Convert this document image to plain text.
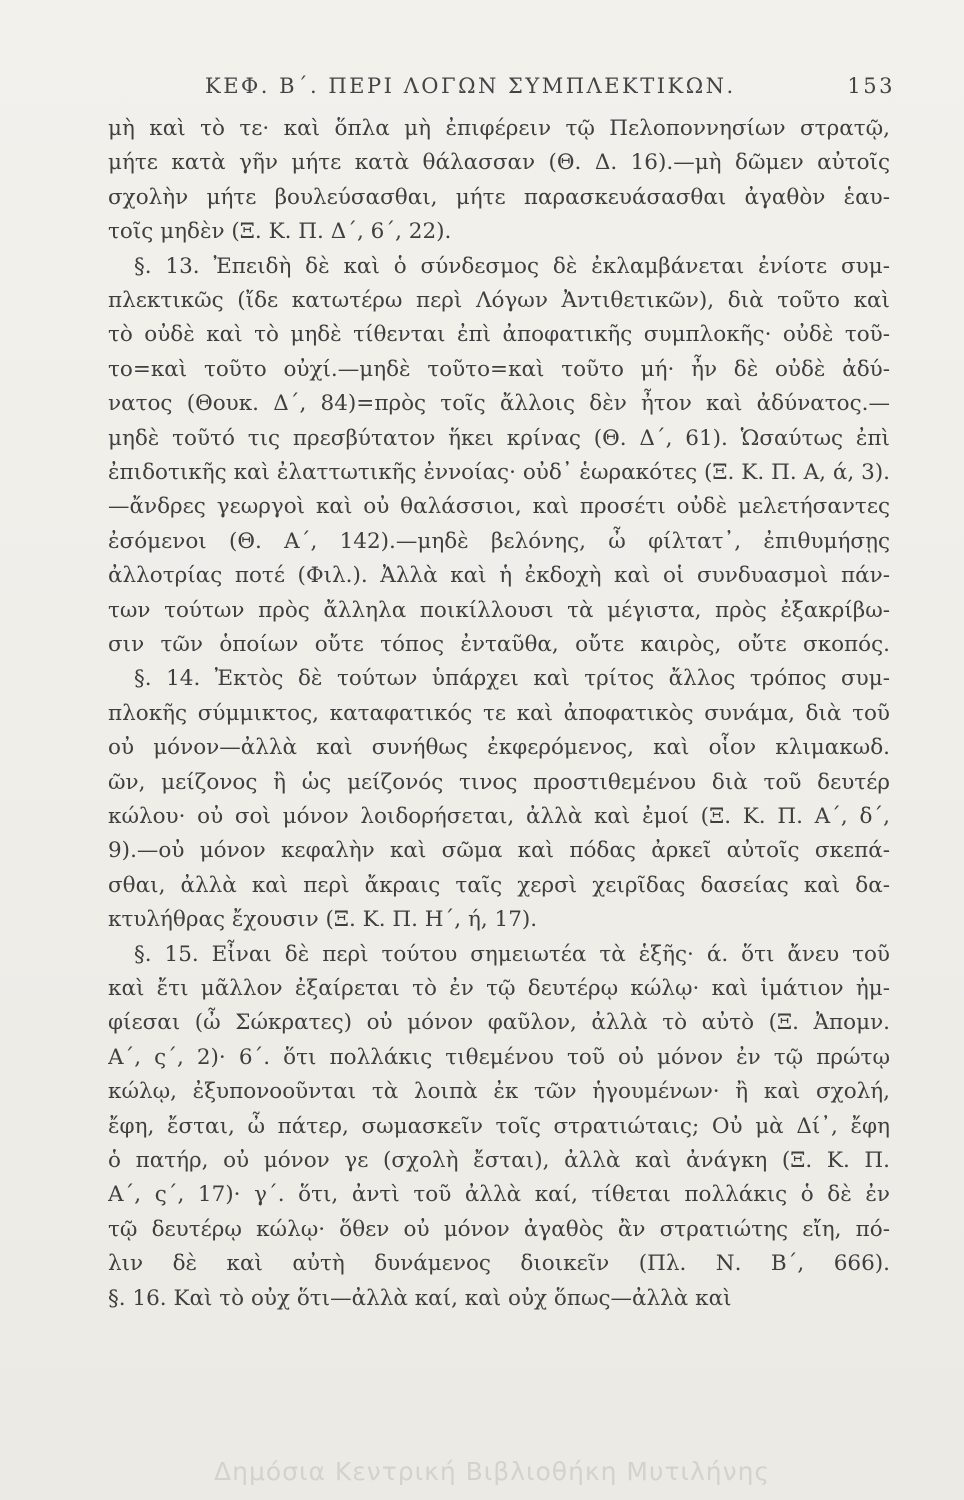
ΚΕΦ. Β΄. ΠΕΡΙ ΛΟΓΩΝ ΣΥΜΠΛΕΚΤΙΚΩΝ.	153
μὴ καὶ τὸ τε· καὶ ὅπλα μὴ ἐπιφέρειν τῷ Πελοποννησίων στρατῷ,
μήτε κατὰ γῆν μήτε κατὰ θάλασσαν (Θ. Δ. 16).—μὴ δῶμεν αὐτοῖς
σχολὴν μήτε βουλεύσασθαι, μήτε παρασκευάσασθαι ἀγαθὸν ἑαυ-
τοῖς μηδὲν (Ξ. Κ. Π. Δ΄, 6΄, 22).
§. 13. Ἐπειδὴ δὲ καὶ ὁ σύνδεσμος δὲ ἐκλαμβάνεται ἐνίοτε συμ-
πλεκτικῶς (ἴδε κατωτέρω περὶ Λόγων Ἀντιθετικῶν), διὰ τοῦτο καὶ
τὸ οὐδὲ καὶ τὸ μηδὲ τίθενται ἐπὶ ἀποφατικῆς συμπλοκῆς· οὐδὲ τοῦ-
το=καὶ τοῦτο οὐχί.—μηδὲ τοῦτο=καὶ τοῦτο μή· ἦν δὲ οὐδὲ ἀδύ-
νατος (Θουκ. Δ΄, 84)=πρὸς τοῖς ἄλλοις δὲν ἦτον καὶ ἀδύνατος.—
μηδὲ τοῦτό τις πρεσβύτατον ἥκει κρίνας (Θ. Δ΄, 61). Ὡσαύτως ἐπὶ
ἐπιδοτικῆς καὶ ἐλαττωτικῆς ἐννοίας· οὐδ᾽ ἑωρακότες (Ξ. Κ. Π. Α, ά, 3).
—ἄνδρες γεωργοὶ καὶ οὐ θαλάσσιοι, καὶ προσέτι οὐδὲ μελετήσαντες
ἐσόμενοι (Θ. Α΄, 142).—μηδὲ βελόνης, ὦ φίλτατ᾽, ἐπιθυμήσῃς
ἀλλοτρίας ποτέ (Φιλ.). Ἀλλὰ καὶ ἡ ἐκδοχὴ καὶ οἱ συνδυασμοὶ πάν-
των τούτων πρὸς ἄλληλα ποικίλλουσι τὰ μέγιστα, πρὸς ἐξακρίβω-
σιν τῶν ὁποίων οὔτε τόπος ἐνταῦθα, οὔτε καιρὸς, οὔτε σκοπός.
§. 14. Ἐκτὸς δὲ τούτων ὑπάρχει καὶ τρίτος ἄλλος τρόπος συμ-
πλοκῆς σύμμικτος, καταφατικός τε καὶ ἀποφατικὸς συνάμα, διὰ τοῦ
οὐ μόνον—ἀλλὰ καὶ συνήθως ἐκφερόμενος, καὶ οἷον κλιμακωδ.
ῶν, μείζονος ἢ ὡς μείζονός τινος προστιθεμένου διὰ τοῦ δευτέρ
κώλου· οὐ σοὶ μόνον λοιδορήσεται, ἀλλὰ καὶ ἐμοί (Ξ. Κ. Π. Α΄, δ΄,
9).—οὐ μόνον κεφαλὴν καὶ σῶμα καὶ πόδας ἀρκεῖ αὐτοῖς σκεπά-
σθαι, ἀλλὰ καὶ περὶ ἄκραις ταῖς χερσὶ χειρῖδας δασείας καὶ δα-
κτυλήθρας ἔχουσιν (Ξ. Κ. Π. Η΄, ή, 17).
§. 15. Εἶναι δὲ περὶ τούτου σημειωτέα τὰ ἑξῆς· ά. ὅτι ἄνευ τοῦ
καὶ ἔτι μᾶλλον ἐξαίρεται τὸ ἐν τῷ δευτέρῳ κώλῳ· καὶ ἱμάτιον ἠμ-
φίεσαι (ὦ Σώκρατες) οὐ μόνον φαῦλον, ἀλλὰ τὸ αὐτὸ (Ξ. Ἀπομν.
Α΄, ς΄, 2)· 6΄. ὅτι πολλάκις τιθεμένου τοῦ οὐ μόνον ἐν τῷ πρώτῳ
κώλῳ, ἐξυπονοοῦνται τὰ λοιπὰ ἐκ τῶν ἡγουμένων· ἢ καὶ σχολή,
ἔφη, ἔσται, ὦ πάτερ, σωμασκεῖν τοῖς στρατιώταις; Οὐ μὰ Δί᾽, ἔφη
ὁ πατήρ, οὐ μόνον γε (σχολὴ ἔσται), ἀλλὰ καὶ ἀνάγκη (Ξ. Κ. Π.
Α΄, ς΄, 17)· γ΄. ὅτι, ἀντὶ τοῦ ἀλλὰ καί, τίθεται πολλάκις ὁ δὲ ἐν
τῷ δευτέρῳ κώλῳ· ὅθεν οὐ μόνον ἀγαθὸς ἂν στρατιώτης εἴη, πό-
λιν δὲ καὶ αὐτὴ δυνάμενος διοικεῖν (Πλ. Ν. Β΄, 666).
§. 16. Καὶ τὸ οὐχ ὅτι—ἀλλὰ καί, καὶ οὐχ ὅπως—ἀλλὰ καὶ
Δημόσια Κεντρική Βιβλιοθήκη Μυτιλήνης
